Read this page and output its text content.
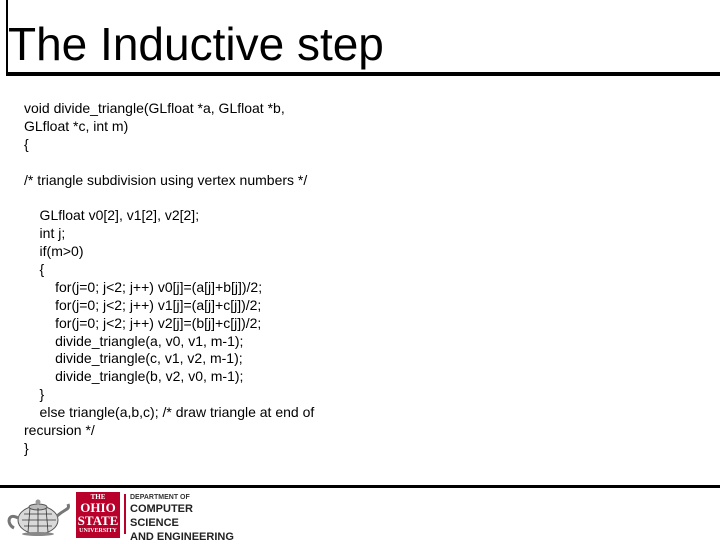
The Inductive step
void divide_triangle(GLfloat *a, GLfloat *b,
GLfloat *c, int m)
{
/* triangle subdivision using vertex numbers */
GLfloat v0[2], v1[2], v2[2];
int j;
if(m>0)
{
for(j=0; j<2; j++) v0[j]=(a[j]+b[j])/2;
for(j=0; j<2; j++) v1[j]=(a[j]+c[j])/2;
for(j=0; j<2; j++) v2[j]=(b[j]+c[j])/2;
divide_triangle(a, v0, v1, m-1);
divide_triangle(c, v1, v2, m-1);
divide_triangle(b, v2, v0, m-1);
}
else triangle(a,b,c); /* draw triangle at end of
recursion */
}
THE
OHIO
STATE
UNIVERSITY
DEPARTMENT OF
COMPUTER SCIENCE
AND ENGINEERING
